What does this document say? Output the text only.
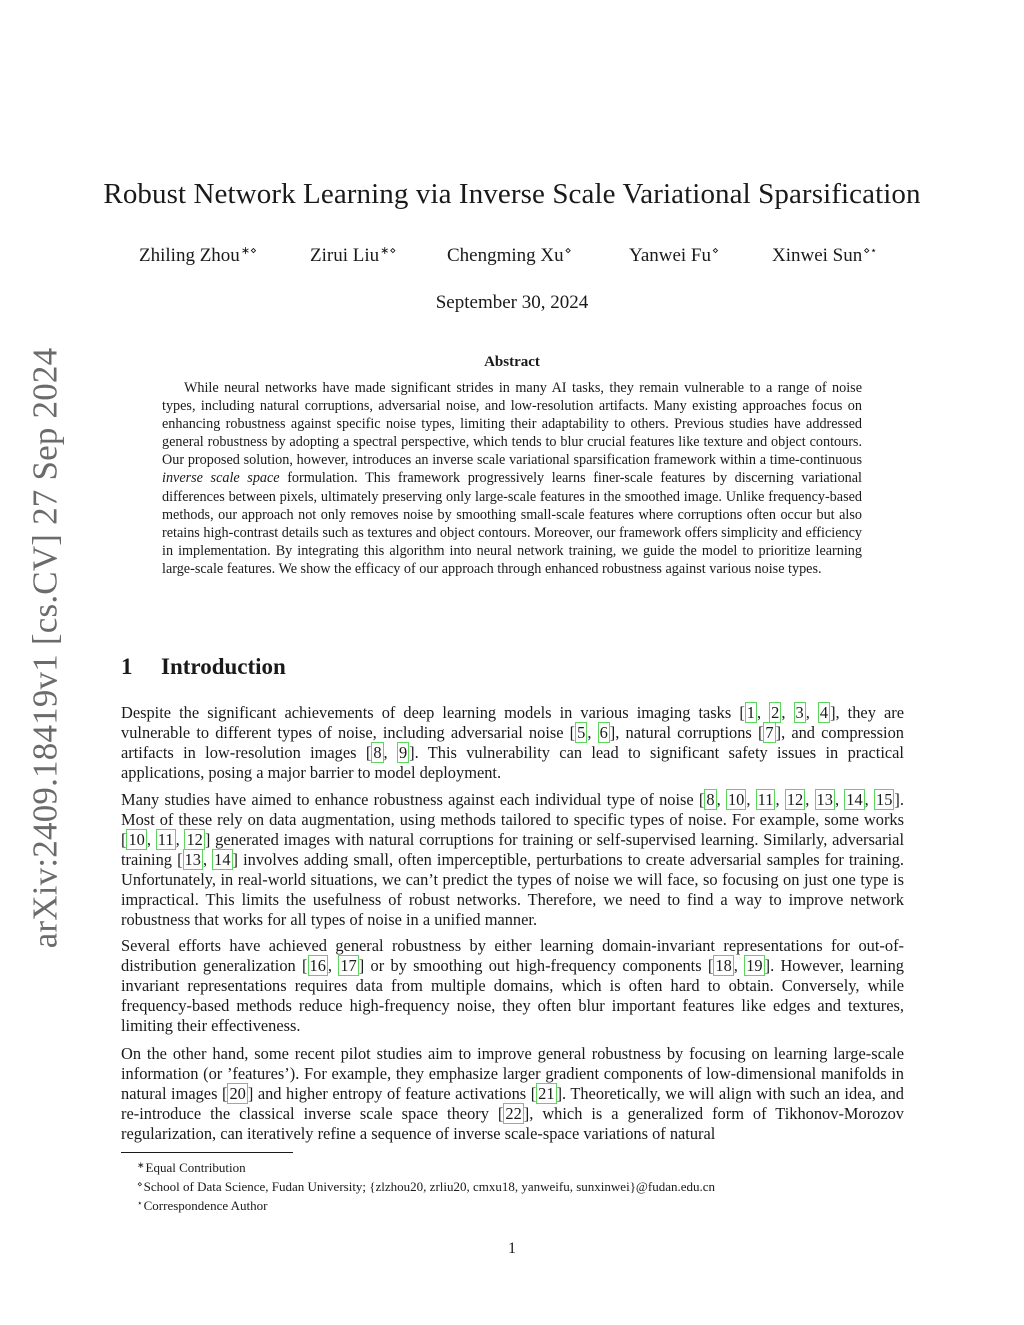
arXiv:2409.18419v1 [cs.CV] 27 Sep 2024
Robust Network Learning via Inverse Scale Variational Sparsification
Zhiling Zhou∗⋄	Zirui Liu∗⋄	Chengming Xu⋄	Yanwei Fu⋄	Xinwei Sun⋄⋆
September 30, 2024
Abstract

While neural networks have made significant strides in many AI tasks, they remain vulnerable to a range of noise types, including natural corruptions, adversarial noise, and low-resolution artifacts. Many existing approaches focus on enhancing robustness against specific noise types, limiting their adaptability to others. Previous studies have addressed general robustness by adopting a spectral perspective, which tends to blur crucial features like texture and object contours. Our proposed solution, however, introduces an inverse scale variational sparsification framework within a time-continuous inverse scale space formulation. This framework progressively learns finer-scale features by discerning variational differences between pixels, ultimately preserving only large-scale features in the smoothed image. Unlike frequency-based methods, our approach not only removes noise by smoothing small-scale features where corruptions often occur but also retains high-contrast details such as textures and object contours. Moreover, our framework offers simplicity and efficiency in implementation. By integrating this algorithm into neural network training, we guide the model to prioritize learning large-scale features. We show the efficacy of our approach through enhanced robustness against various noise types.

1 Introduction

Despite the significant achievements of deep learning models in various imaging tasks [ 1 , 2 , 3 , 4 ], they are vulnerable to different types of noise, including adversarial noise [ 5 , 6 ], natural corruptions [ 7 ], and compression artifacts in low-resolution images [ 8 , 9 ]. This vulnerability can lead to significant safety issues in practical applications, posing a major barrier to model deployment.

Many studies have aimed to enhance robustness against each individual type of noise [ 8 , 10 , 11 , 12 , 13 , 14 , 15 ]. Most of these rely on data augmentation, using methods tailored to specific types of noise. For example, some works [ 10 , 11 , 12 ] generated images with natural corruptions for training or self-supervised learning. Similarly, adversarial training [ 13 , 14 ] involves adding small, often imperceptible, perturbations to create adversarial samples for training. Unfortunately, in real-world situations, we can’t predict the types of noise we will face, so focusing on just one type is impractical. This limits the usefulness of robust networks. Therefore, we need to find a way to improve network robustness that works for all types of noise in a unified manner.

Several efforts have achieved general robustness by either learning domain-invariant representations for out-of-distribution generalization [ 16 , 17 ] or by smoothing out high-frequency components [ 18 , 19 ]. However, learning invariant representations requires data from multiple domains, which is often hard to obtain. Conversely, while frequency-based methods reduce high-frequency noise, they often blur important features like edges and textures, limiting their effectiveness.

On the other hand, some recent pilot studies aim to improve general robustness by focusing on learning large-scale information (or ’features’). For example, they emphasize larger gradient components of low-dimensional manifolds in natural images [ 20 ] and higher entropy of feature activations [ 21 ]. Theoretically, we will align with such an idea, and re-introduce the classical inverse scale space theory [ 22 ], which is a generalized form of Tikhonov-Morozov regularization, can iteratively refine a sequence of inverse scale-space variations of natural

∗Equal Contribution
⋄School of Data Science, Fudan University; {zlzhou20, zrliu20, cmxu18, yanweifu, sunxinwei}@fudan.edu.cn
⋆Correspondence Author
1
